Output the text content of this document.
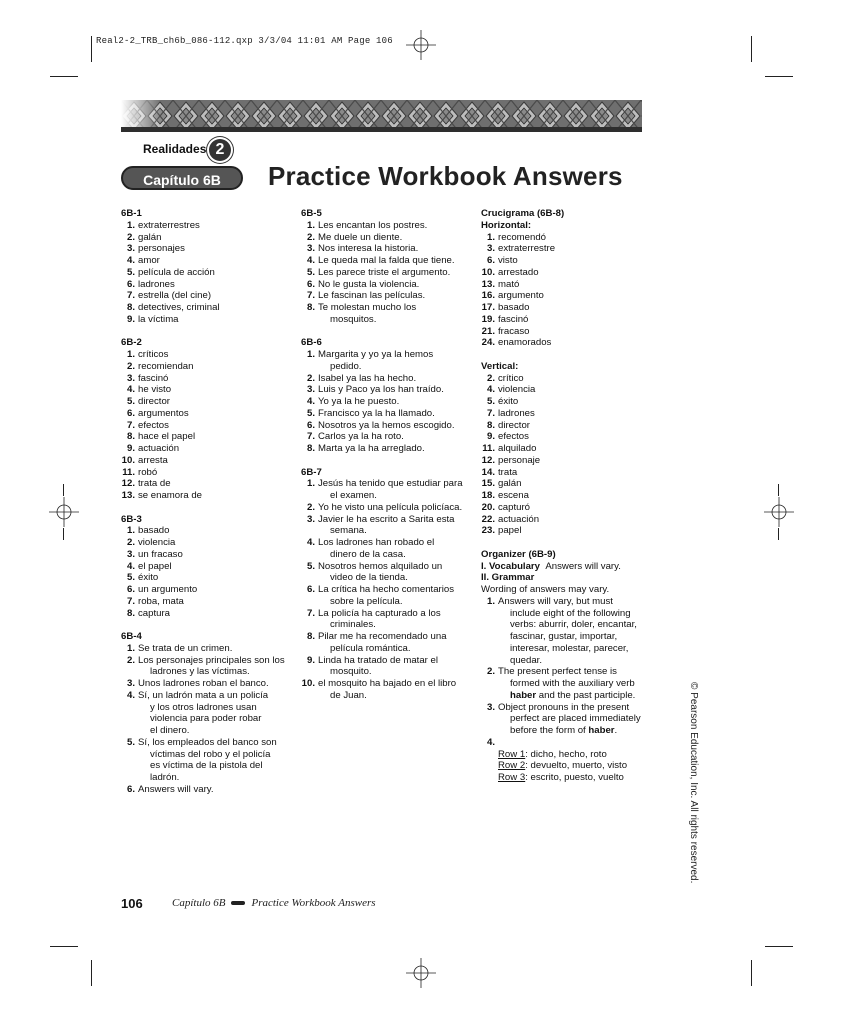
Real2-2_TRB_ch6b_086-112.qxp 3/3/04 11:01 AM Page 106
Realidades 2
Capítulo 6B	Practice Workbook Answers
6B-1
1. extraterrestres
2. galán
3. personajes
4. amor
5. película de acción
6. ladrones
7. estrella (del cine)
8. detectives, criminal
9. la víctima
6B-2
1. críticos
2. recomiendan
3. fascinó
4. he visto
5. director
6. argumentos
7. efectos
8. hace el papel
9. actuación
10. arresta
11. robó
12. trata de
13. se enamora de
6B-3
1. basado
2. violencia
3. un fracaso
4. el papel
5. éxito
6. un argumento
7. roba, mata
8. captura
6B-4
1. Se trata de un crimen.
2. Los personajes principales son los
ladrones y las víctimas.
3. Unos ladrones roban el banco.
4. Sí, un ladrón mata a un policía
y los otros ladrones usan
violencia para poder robar
el dinero.
5. Sí, los empleados del banco son
víctimas del robo y el policía
es víctima de la pistola del
ladrón.
6. Answers will vary.
6B-5
1. Les encantan los postres.
2. Me duele un diente.
3. Nos interesa la historia.
4. Le queda mal la falda que tiene.
5. Les parece triste el argumento.
6. No le gusta la violencia.
7. Le fascinan las películas.
8. Te molestan mucho los
mosquitos.
6B-6
1. Margarita y yo ya la hemos
pedido.
2. Isabel ya las ha hecho.
3. Luis y Paco ya los han traído.
4. Yo ya la he puesto.
5. Francisco ya la ha llamado.
6. Nosotros ya la hemos escogido.
7. Carlos ya la ha roto.
8. Marta ya la ha arreglado.
6B-7
1. Jesús ha tenido que estudiar para
el examen.
2. Yo he visto una película policíaca.
3. Javier le ha escrito a Sarita esta
semana.
4. Los ladrones han robado el
dinero de la casa.
5. Nosotros hemos alquilado un
video de la tienda.
6. La crítica ha hecho comentarios
sobre la película.
7. La policía ha capturado a los
criminales.
8. Pilar me ha recomendado una
película romántica.
9. Linda ha tratado de matar el
mosquito.
10. el mosquito ha bajado en el libro
de Juan.
Crucigrama (6B-8)
Horizontal:
1. recomendó
3. extraterrestre
6. visto
10. arrestado
13. mató
16. argumento
17. basado
19. fascinó
21. fracaso
24. enamorados
Vertical:
2. crítico
4. violencia
5. éxito
7. ladrones
8. director
9. efectos
11. alquilado
12. personaje
14. trata
15. galán
18. escena
20. capturó
22. actuación
23. papel
Organizer (6B-9)
I. Vocabulary Answers will vary.
II. Grammar
Wording of answers may vary.
1. Answers will vary, but must
include eight of the following
verbs: aburrir, doler, encantar,
fascinar, gustar, importar,
interesar, molestar, parecer,
quedar.
2. The present perfect tense is
formed with the auxiliary verb
haber and the past participle.
3. Object pronouns in the present
perfect are placed immediately
before the form of haber.
4.

Row 1: dicho, hecho, roto
Row 2: devuelto, muerto, visto
Row 3: escrito, puesto, vuelto	© Pearson Education, Inc. All rights reserved.
106	Capítulo 6B Practice Workbook Answers
